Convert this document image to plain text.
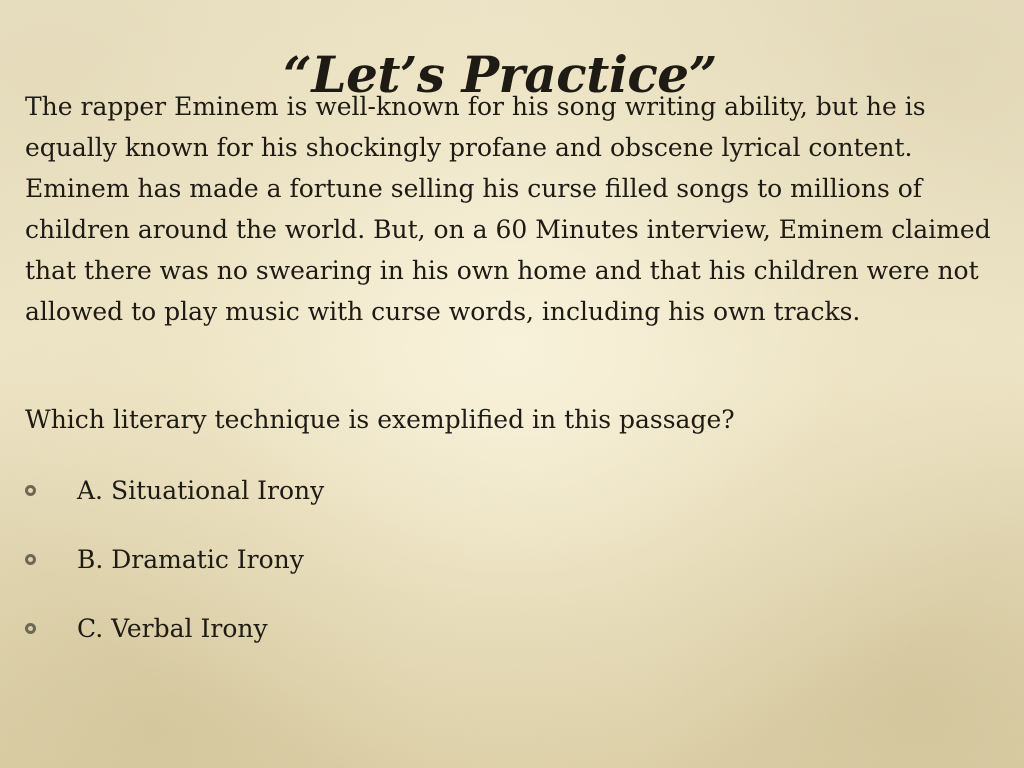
“Let’s Practice”

The rapper Eminem is well-known for his song writing ability, but he is equally known for his shockingly profane and obscene lyrical content. Eminem has made a fortune selling his curse filled songs to millions of children around the world. But, on a 60 Minutes interview, Eminem claimed that there was no swearing in his own home and that his children were not allowed to play music with curse words, including his own tracks.

Which literary technique is exemplified in this passage?

A. Situational Irony
B. Dramatic Irony
C. Verbal Irony
